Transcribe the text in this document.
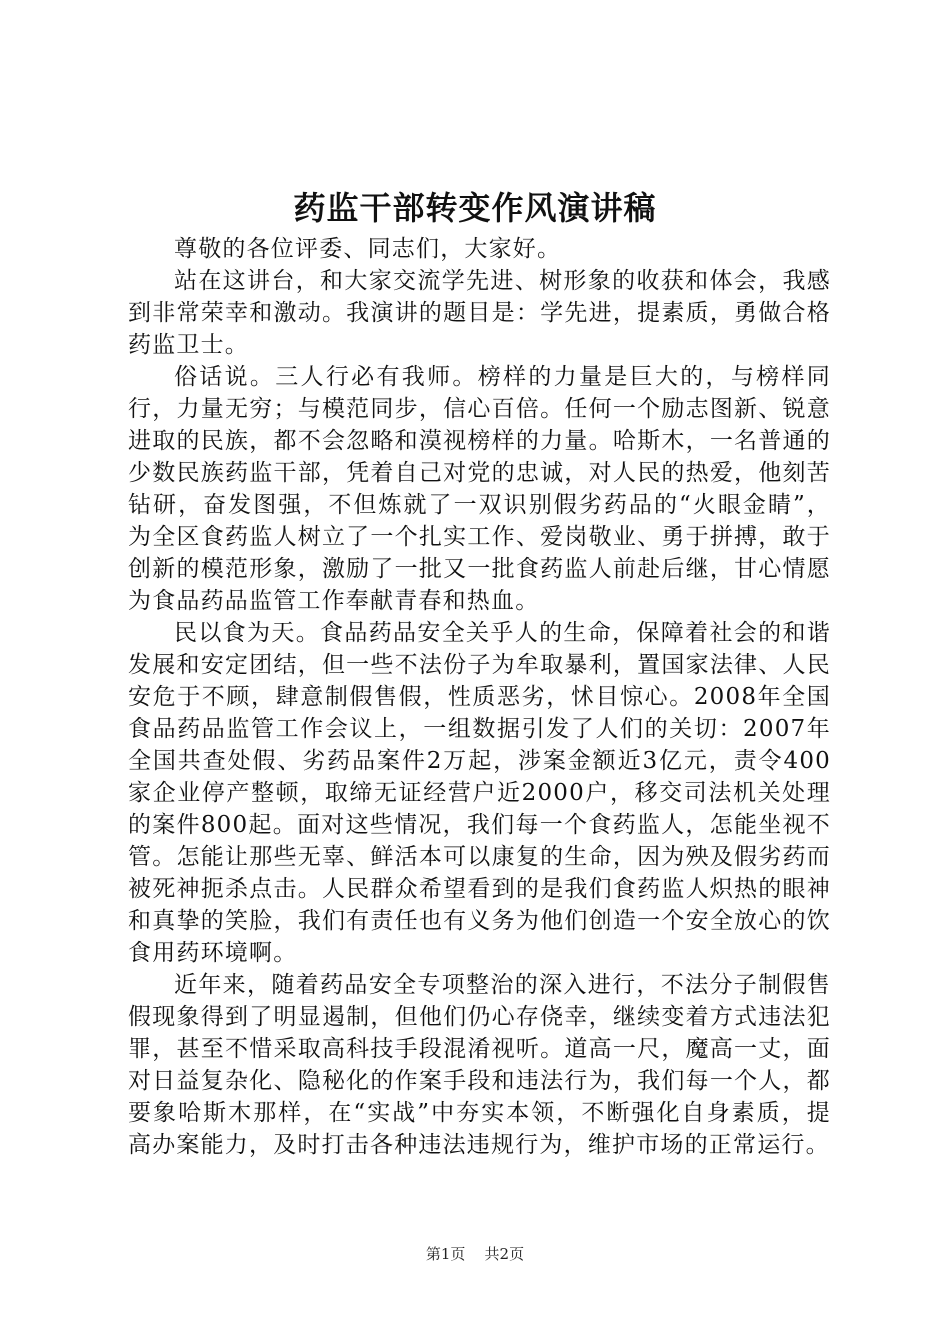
药监干部转变作风演讲稿

尊敬的各位评委、同志们，大家好。

站在这讲台，和大家交流学先进、树形象的收获和体会，我感到非常荣幸和激动。我演讲的题目是：学先进，提素质，勇做合格药监卫士。

俗话说。三人行必有我师。榜样的力量是巨大的，与榜样同行，力量无穷；与模范同步，信心百倍。任何一个励志图新、锐意进取的民族，都不会忽略和漠视榜样的力量。哈斯木，一名普通的少数民族药监干部，凭着自己对党的忠诚，对人民的热爱，他刻苦钻研，奋发图强，不但炼就了一双识别假劣药品的“火眼金睛”，为全区食药监人树立了一个扎实工作、爱岗敬业、勇于拼搏，敢于创新的模范形象，激励了一批又一批食药监人前赴后继，甘心情愿为食品药品监管工作奉献青春和热血。

民以食为天。食品药品安全关乎人的生命，保障着社会的和谐发展和安定团结，但一些不法份子为牟取暴利，置国家法律、人民安危于不顾，肆意制假售假，性质恶劣，怵目惊心。2008年全国食品药品监管工作会议上，一组数据引发了人们的关切：2007年全国共查处假、劣药品案件2万起，涉案金额近3亿元，责令400家企业停产整顿，取缔无证经营户近2000户，移交司法机关处理的案件800起。面对这些情况，我们每一个食药监人，怎能坐视不管。怎能让那些无辜、鲜活本可以康复的生命，因为殃及假劣药而被死神扼杀点击。人民群众希望看到的是我们食药监人炽热的眼神和真挚的笑脸，我们有责任也有义务为他们创造一个安全放心的饮食用药环境啊。

近年来，随着药品安全专项整治的深入进行，不法分子制假售假现象得到了明显遏制，但他们仍心存侥幸，继续变着方式违法犯罪，甚至不惜采取高科技手段混淆视听。道高一尺，魔高一丈，面对日益复杂化、隐秘化的作案手段和违法行为，我们每一个人，都要象哈斯木那样，在“实战”中夯实本领，不断强化自身素质，提高办案能力，及时打击各种违法违规行为，维护市场的正常运行。

第1页 共2页
